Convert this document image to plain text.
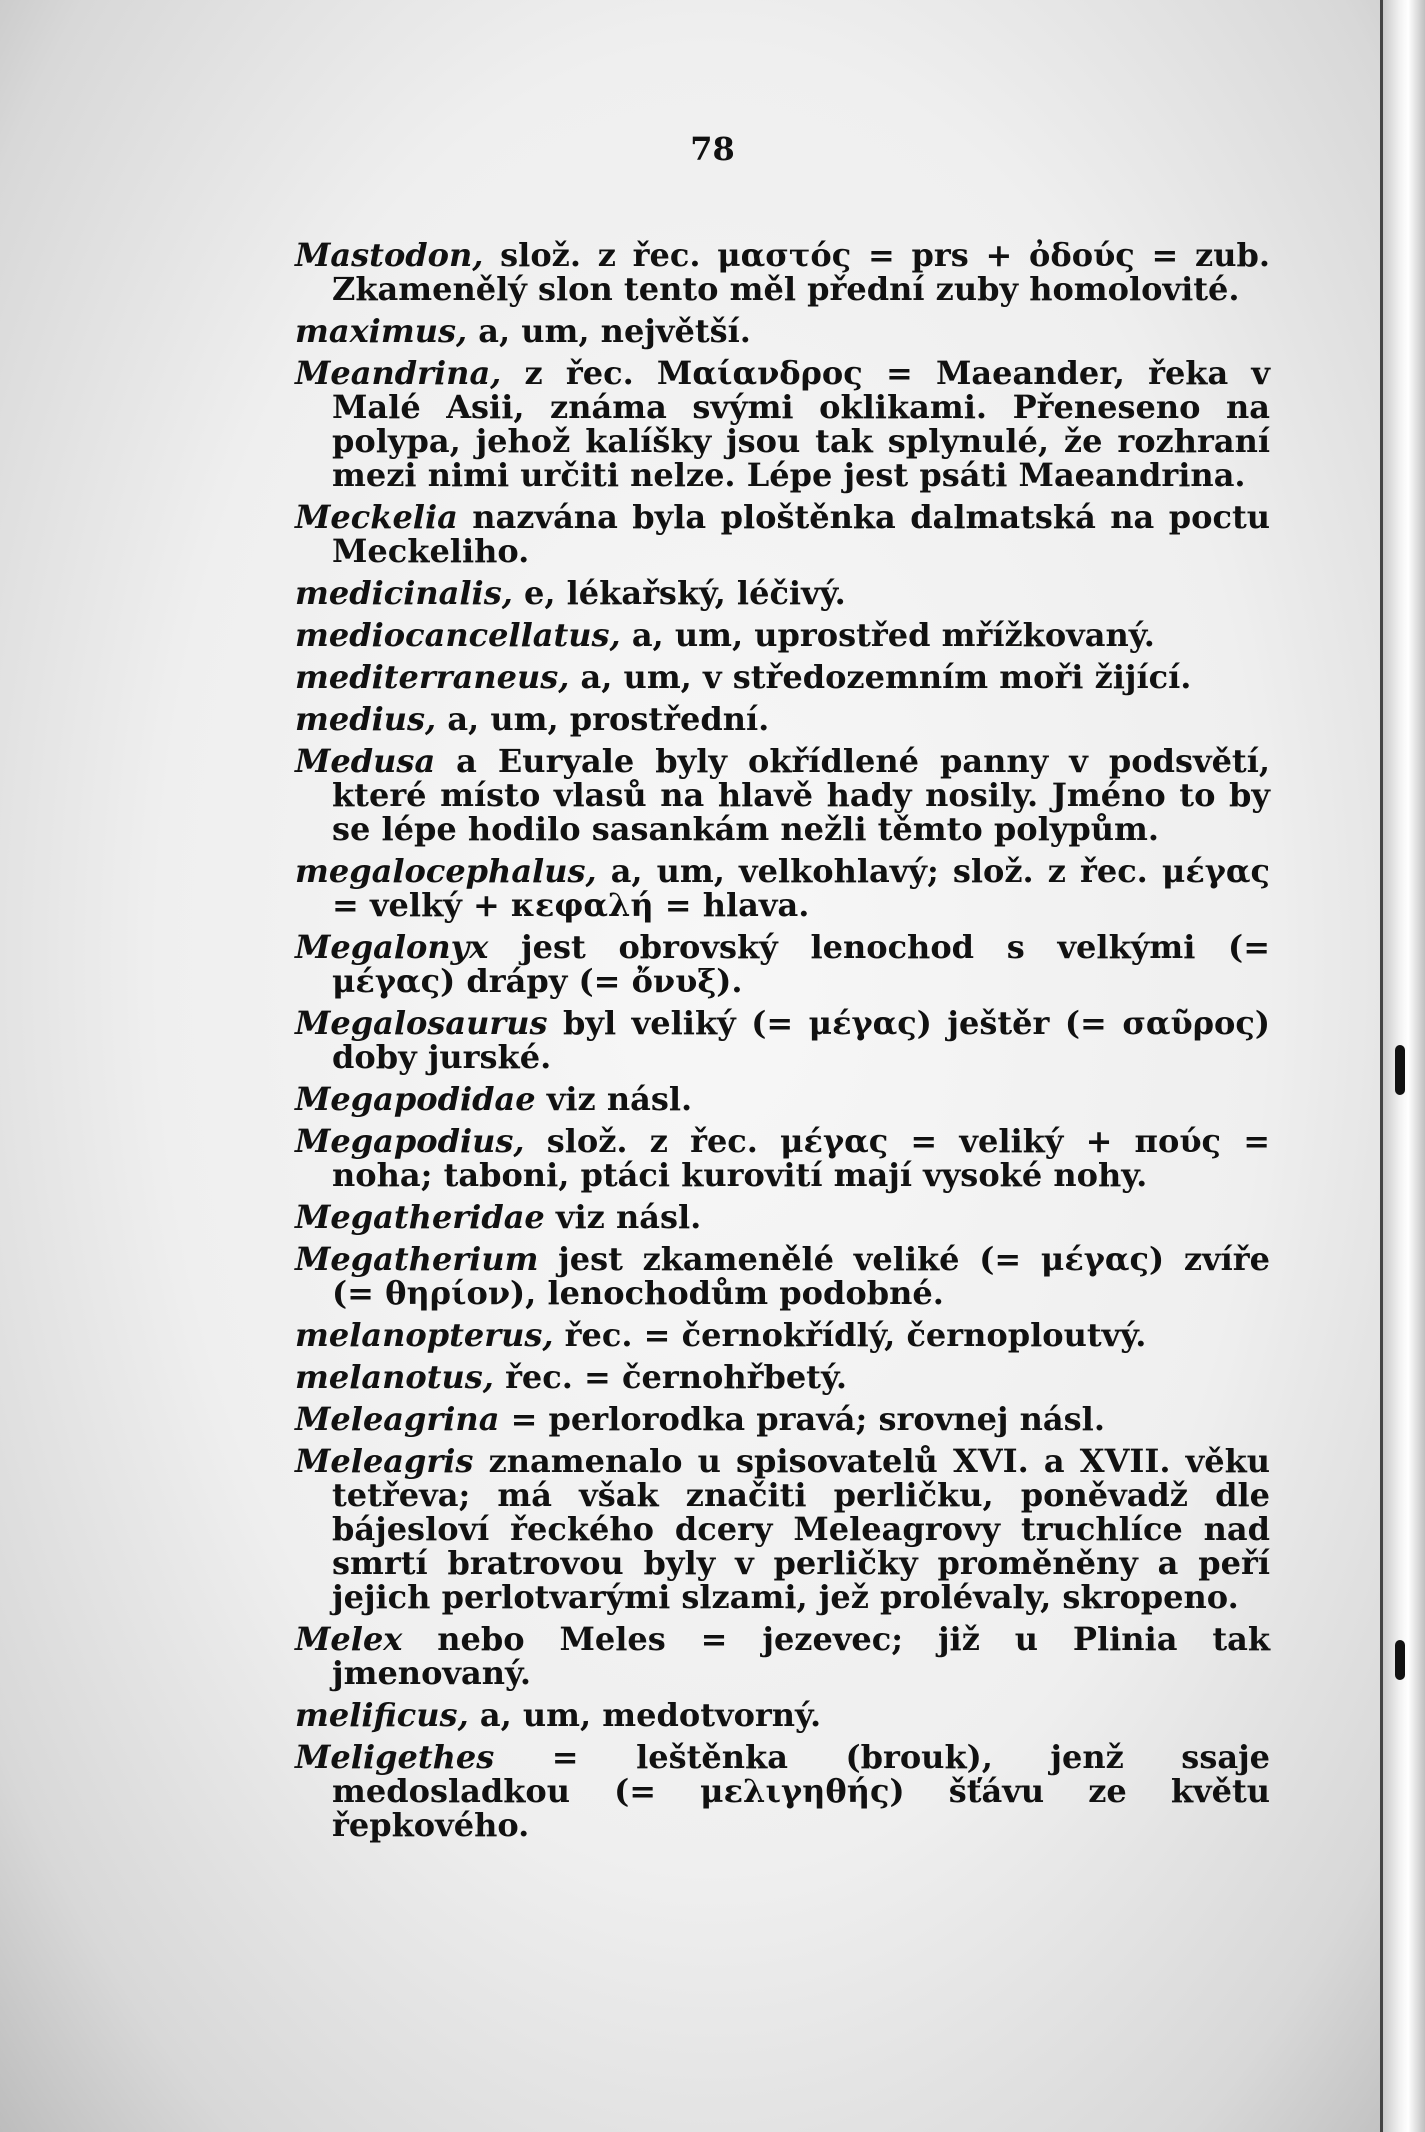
78

Mastodon, slož. z řec. μαστός = prs + ὀδούς = zub. Zkamenělý slon tento měl přední zuby homolovité.

maximus, a, um, největší.

Meandrina, z řec. Μαίανδρος = Maeander, řeka v Malé Asii, známa svými oklikami. Přeneseno na polypa, jehož kalíšky jsou tak splynulé, že rozhraní mezi nimi určiti nelze. Lépe jest psáti Maeandrina.

Meckelia nazvána byla ploštěnka dalmatská na poctu Meckeliho.

medicinalis, e, lékařský, léčivý.

mediocancellatus, a, um, uprostřed mřížkovaný.

mediterraneus, a, um, v středozemním moři žijící.

medius, a, um, prostřední.

Medusa a Euryale byly okřídlené panny v podsvětí, které místo vlasů na hlavě hady nosily. Jméno to by se lépe hodilo sasankám nežli těmto polypům.

megalocephalus, a, um, velkohlavý; slož. z řec. μέγας = velký + κεφαλή = hlava.

Megalonyx jest obrovský lenochod s velkými (= μέγας) drápy (= ὄνυξ).

Megalosaurus byl veliký (= μέγας) ještěr (= σαῦρος) doby jurské.

Megapodidae viz násl.

Megapodius, slož. z řec. μέγας = veliký + πούς = noha; taboni, ptáci kurovití mají vysoké nohy.

Megatheridae viz násl.

Megatherium jest zkamenělé veliké (= μέγας) zvíře (= θηρίον), lenochodům podobné.

melanopterus, řec. = černokřídlý, černoploutvý.

melanotus, řec. = černohřbetý.

Meleagrina = perlorodka pravá; srovnej násl.

Meleagris znamenalo u spisovatelů XVI. a XVII. věku tetřeva; má však značiti perličku, poněvadž dle bájesloví řeckého dcery Meleagrovy truchlíce nad smrtí bratrovou byly v perličky proměněny a peří jejich perlotvarými slzami, jež prolévaly, skropeno.

Melex nebo Meles = jezevec; již u Plinia tak jmenovaný.

melificus, a, um, medotvorný.

Meligethes = leštěnka (brouk), jenž ssaje medosladkou (= μελιγηθής) šťávu ze květu řepkového.
